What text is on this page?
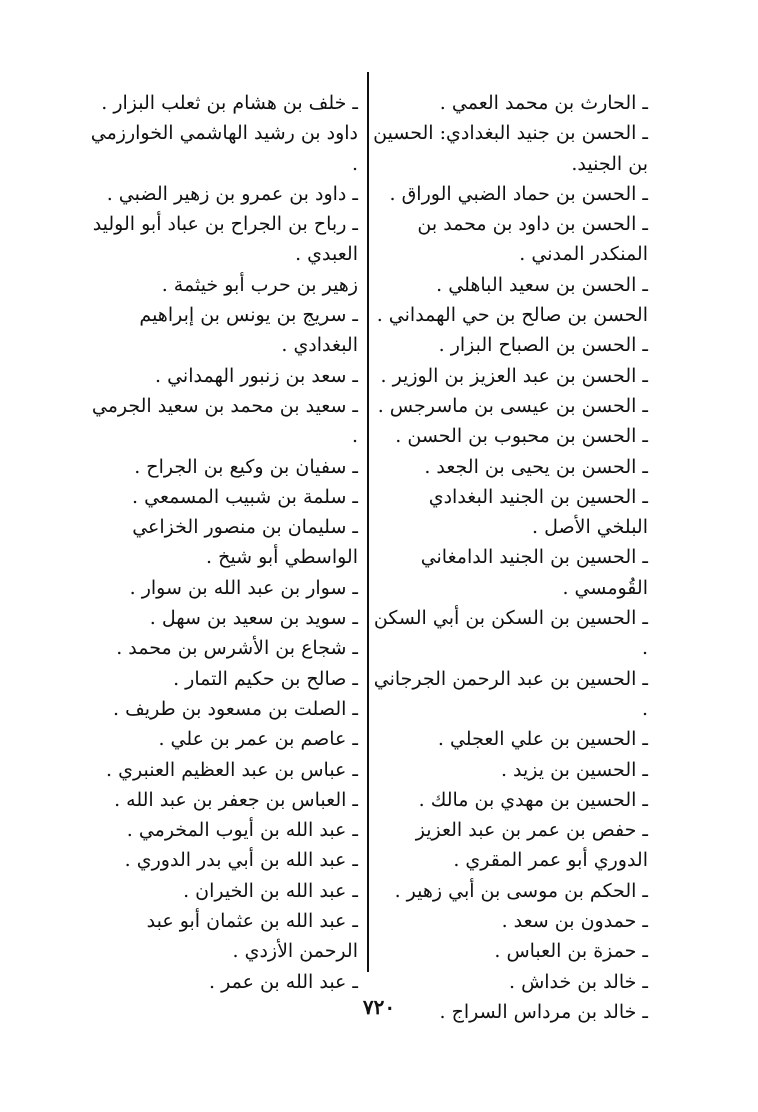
ـ الحارث بن محمد العمي .
ـ الحسن بن جنيد البغدادي: الحسين بن الجنيد.
ـ الحسن بن حماد الضبي الوراق .
ـ الحسن بن داود بن محمد بن المنكدر المدني .
ـ الحسن بن سعيد الباهلي .
الحسن بن صالح بن حي الهمداني .
ـ الحسن بن الصباح البزار .
ـ الحسن بن عبد العزيز بن الوزير .
ـ الحسن بن عيسى بن ماسرجس .
ـ الحسن بن محبوب بن الحسن .
ـ الحسن بن يحيى بن الجعد .
ـ الحسين بن الجنيد البغدادي البلخي الأصل .
ـ الحسين بن الجنيد الدامغاني القُومسي .
ـ الحسين بن السكن بن أبي السكن .
ـ الحسين بن عبد الرحمن الجرجاني .
ـ الحسين بن علي العجلي .
ـ الحسين بن يزيد .
ـ الحسين بن مهدي بن مالك .
ـ حفص بن عمر بن عبد العزيز الدوري أبو عمر المقري .
ـ الحكم بن موسى بن أبي زهير .
ـ حمدون بن سعد .
ـ حمزة بن العباس .
ـ خالد بن خداش .
ـ خالد بن مرداس السراج .
ـ خلف بن هشام بن ثعلب البزار .
داود بن رشيد الهاشمي الخوارزمي .
ـ داود بن عمرو بن زهير الضبي .
ـ رباح بن الجراح بن عباد أبو الوليد العبدي .
زهير بن حرب أبو خيثمة .
ـ سريج بن يونس بن إبراهيم البغدادي .
ـ سعد بن زنبور الهمداني .
ـ سعيد بن محمد بن سعيد الجرمي .
ـ سفيان بن وكيع بن الجراح .
ـ سلمة بن شبيب المسمعي .
ـ سليمان بن منصور الخزاعي الواسطي أبو شيخ .
ـ سوار بن عبد الله بن سوار .
ـ سويد بن سعيد بن سهل .
ـ شجاع بن الأشرس بن محمد .
ـ صالح بن حكيم التمار .
ـ الصلت بن مسعود بن طريف .
ـ عاصم بن عمر بن علي .
ـ عباس بن عبد العظيم العنبري .
ـ العباس بن جعفر بن عبد الله .
ـ عبد الله بن أيوب المخرمي .
ـ عبد الله بن أبي بدر الدوري .
ـ عبد الله بن الخيران .
ـ عبد الله بن عثمان أبو عبد الرحمن الأزدي .
ـ عبد الله بن عمر .
٧٢٠
